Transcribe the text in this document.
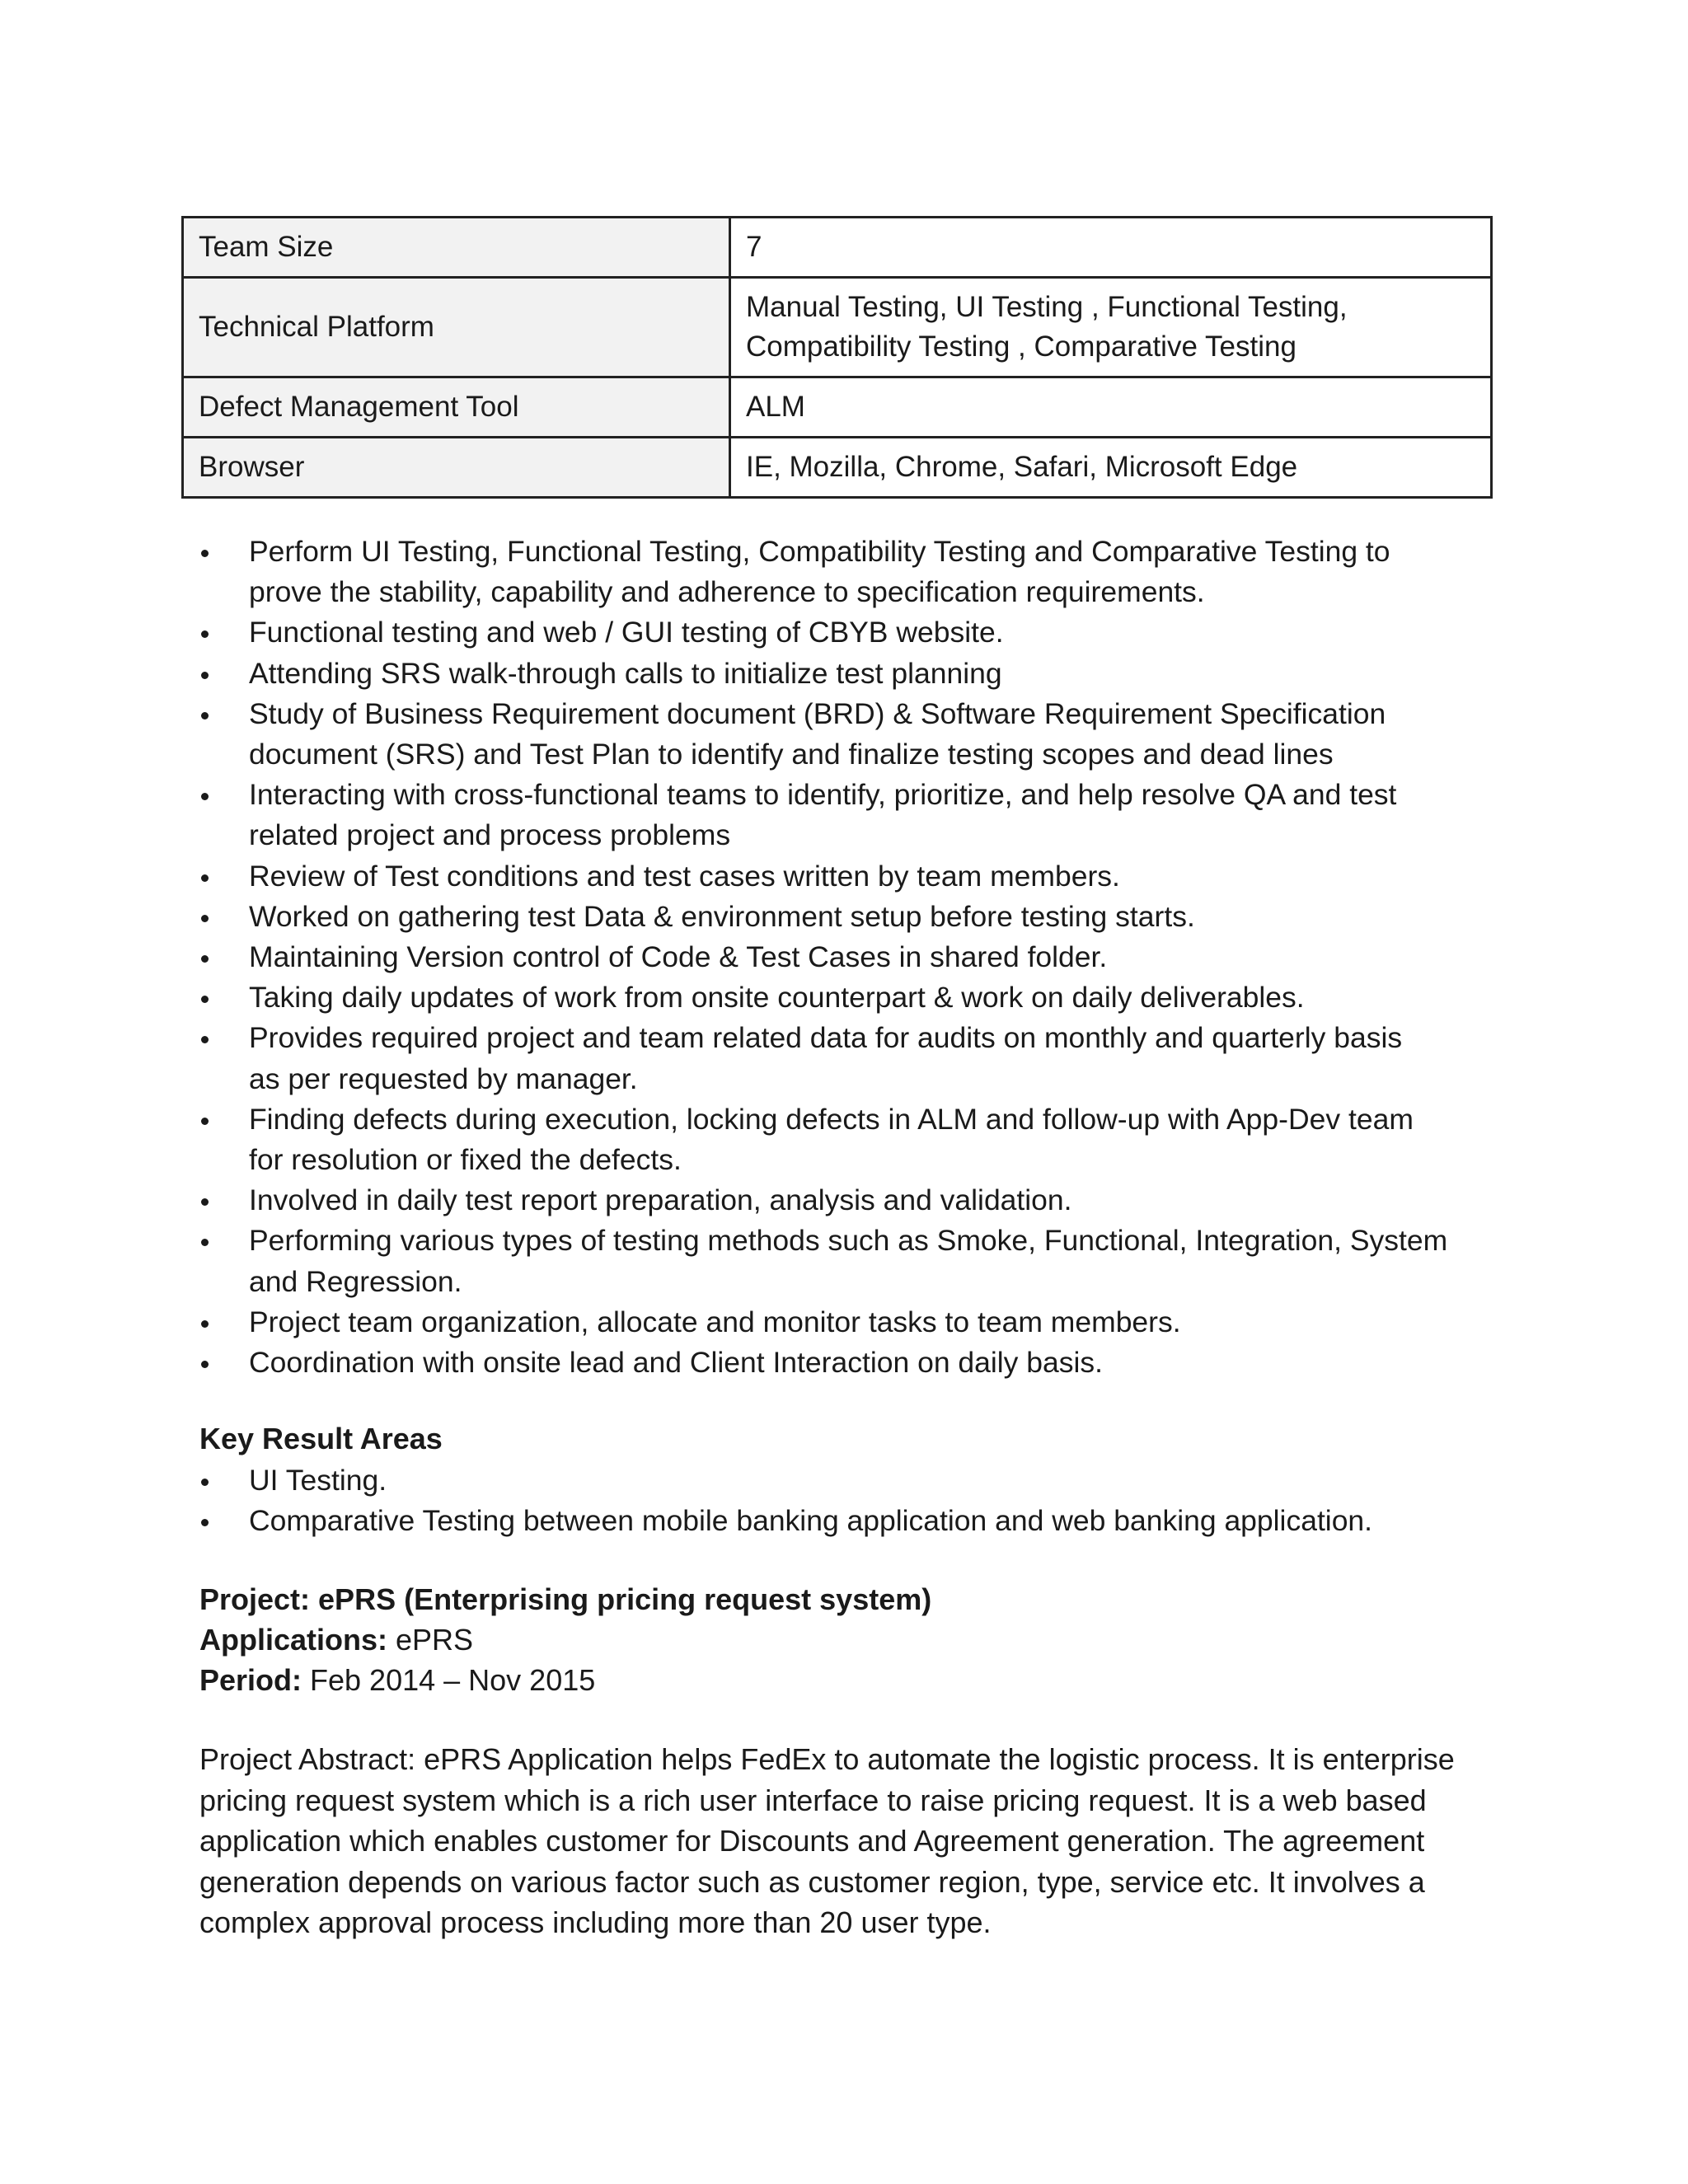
Team Size	7

Technical Platform	Manual Testing, UI Testing , Functional Testing,
Compatibility Testing , Comparative Testing

Defect Management Tool	ALM

Browser	IE, Mozilla, Chrome, Safari, Microsoft Edge
Perform UI Testing, Functional Testing, Compatibility Testing and Comparative Testing to
prove the stability, capability and adherence to specification requirements.
Functional testing and web / GUI testing of CBYB website.
Attending SRS walk-through calls to initialize test planning
Study of Business Requirement document (BRD) & Software Requirement Specification
document (SRS) and Test Plan to identify and finalize testing scopes and dead lines
Interacting with cross-functional teams to identify, prioritize, and help resolve QA and test
related project and process problems
Review of Test conditions and test cases written by team members.
Worked on gathering test Data & environment setup before testing starts.
Maintaining Version control of Code & Test Cases in shared folder.
Taking daily updates of work from onsite counterpart & work on daily deliverables.
Provides required project and team related data for audits on monthly and quarterly basis
as per requested by manager.
Finding defects during execution, locking defects in ALM and follow-up with App-Dev team
for resolution or fixed the defects.
Involved in daily test report preparation, analysis and validation.
Performing various types of testing methods such as Smoke, Functional, Integration, System
and Regression.
Project team organization, allocate and monitor tasks to team members.
Coordination with onsite lead and Client Interaction on daily basis.
Key Result Areas
UI Testing.
Comparative Testing between mobile banking application and web banking application.

Project: ePRS (Enterprising pricing request system)

Applications: ePRS

Period: Feb 2014 – Nov 2015

Project Abstract: ePRS Application helps FedEx to automate the logistic process. It is enterprise
pricing request system which is a rich user interface to raise pricing request. It is a web based
application which enables customer for Discounts and Agreement generation. The agreement
generation depends on various factor such as customer region, type, service etc. It involves a
complex approval process including more than 20 user type.
